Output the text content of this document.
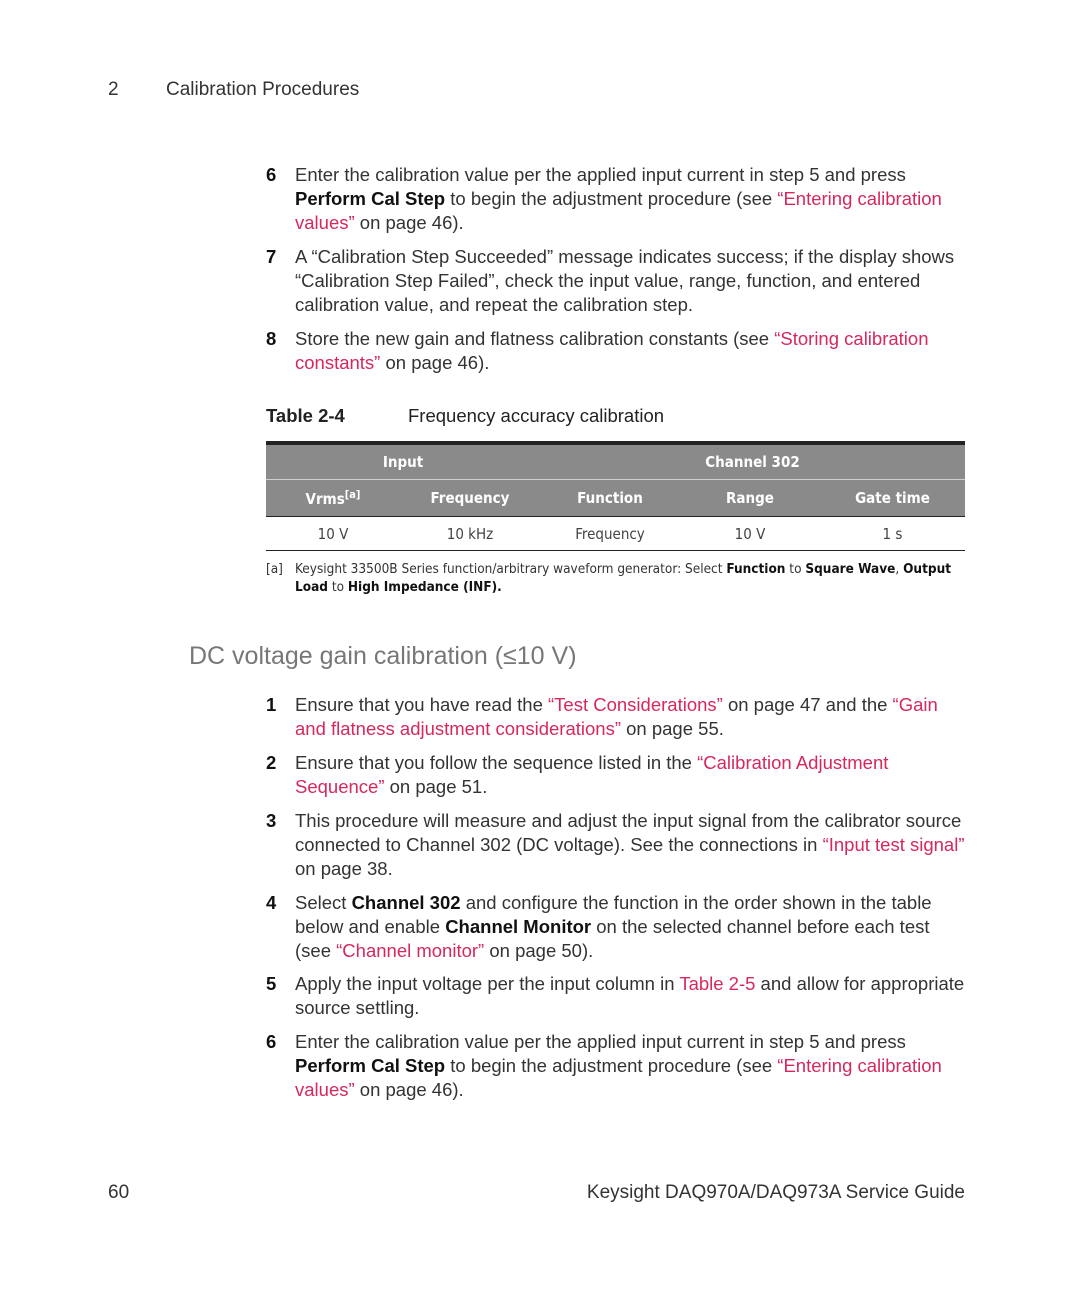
2 Calibration Procedures
6 Enter the calibration value per the applied input current in step 5 and press Perform Cal Step to begin the adjustment procedure (see “Entering calibration values” on page 46).
7 A “Calibration Step Succeeded” message indicates success; if the display shows “Calibration Step Failed”, check the input value, range, function, and entered calibration value, and repeat the calibration step.
8 Store the new gain and flatness calibration constants (see “Storing calibration constants” on page 46).
Table 2-4	Frequency accuracy calibration
Input		Channel 302		
Vrms[a]	Frequency	Function	Range	Gate time
10 V	10 kHz	Frequency	10 V	1 s
[a] Keysight 33500B Series function/arbitrary waveform generator: Select Function to Square Wave, Output Load to High Impedance (INF).
DC voltage gain calibration (≤10 V)
1 Ensure that you have read the “Test Considerations” on page 47 and the “Gain and flatness adjustment considerations” on page 55.
2 Ensure that you follow the sequence listed in the “Calibration Adjustment Sequence” on page 51.
3 This procedure will measure and adjust the input signal from the calibrator source connected to Channel 302 (DC voltage). See the connections in “Input test signal” on page 38.
4 Select Channel 302 and configure the function in the order shown in the table below and enable Channel Monitor on the selected channel before each test (see “Channel monitor” on page 50).
5 Apply the input voltage per the input column in Table 2-5 and allow for appropriate source settling.
6 Enter the calibration value per the applied input current in step 5 and press Perform Cal Step to begin the adjustment procedure (see “Entering calibration values” on page 46).
60	Keysight DAQ970A/DAQ973A Service Guide
